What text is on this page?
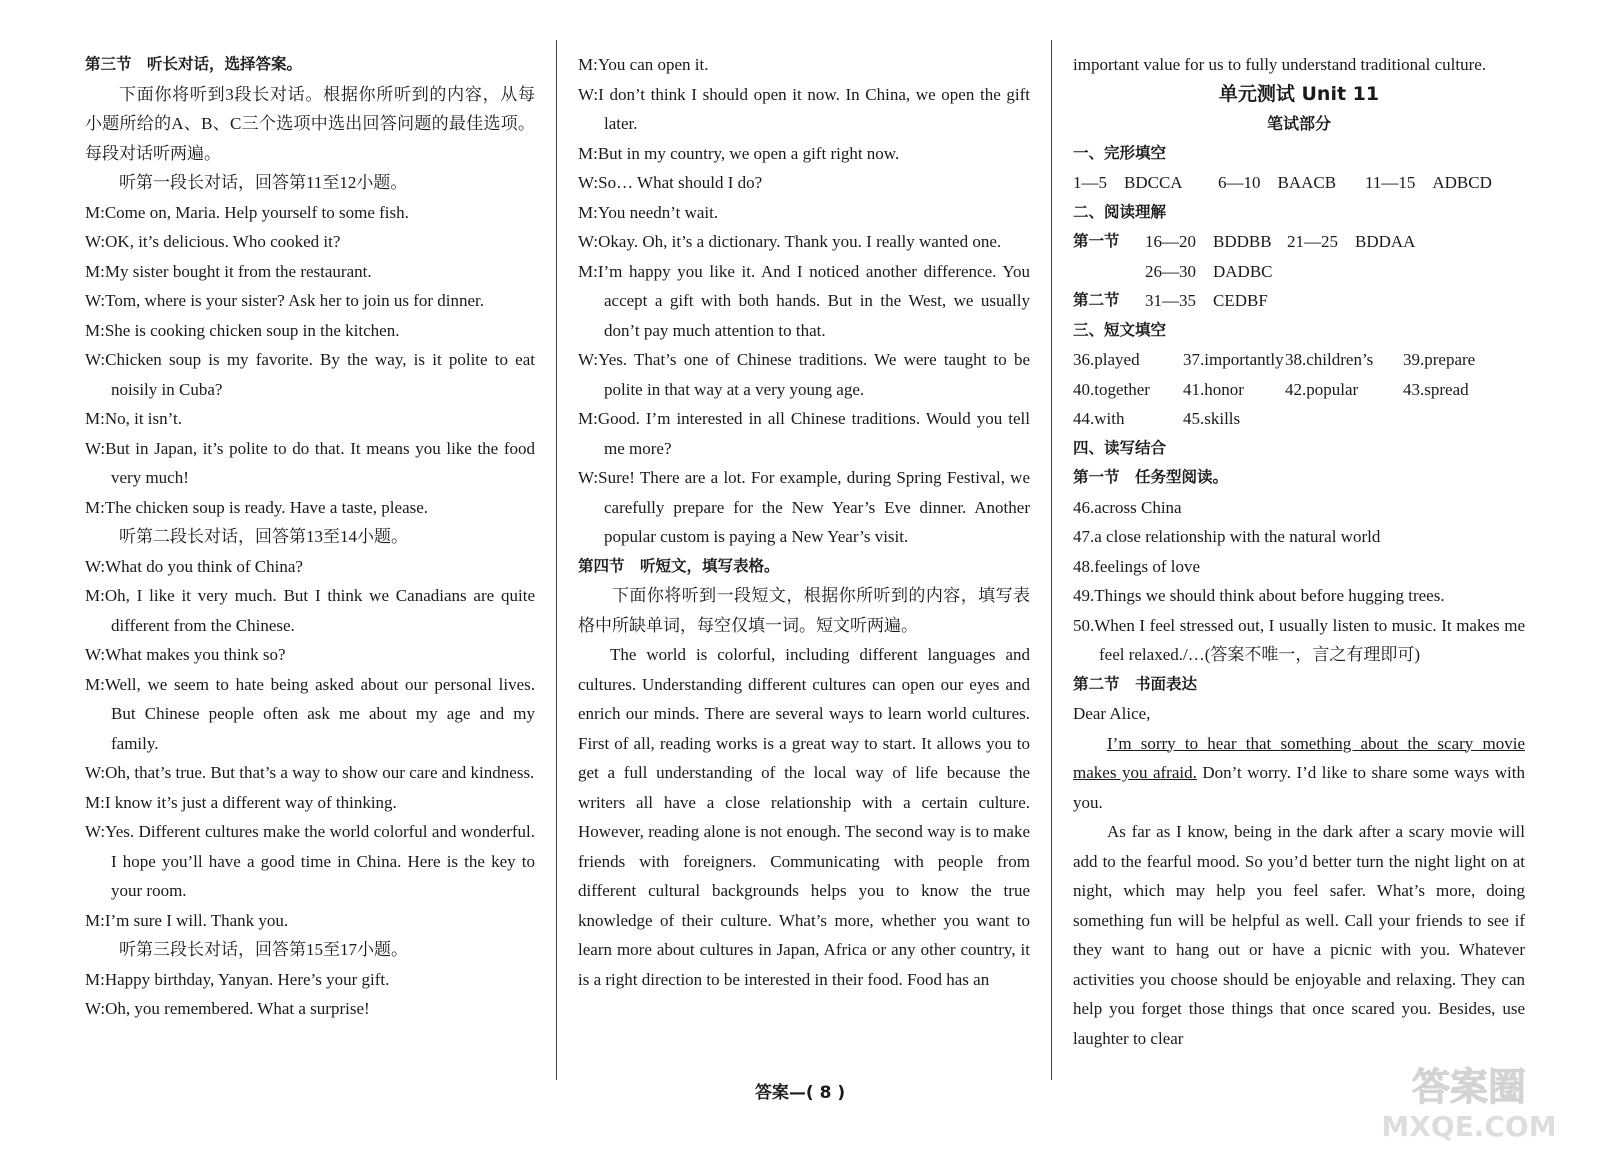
第三节　听长对话，选择答案。

下面你将听到3段长对话。根据你所听到的内容，从每小题所给的A、B、C三个选项中选出回答问题的最佳选项。每段对话听两遍。

听第一段长对话，回答第11至12小题。

M:Come on, Maria. Help yourself to some fish.

W:OK, it’s delicious. Who cooked it?

M:My sister bought it from the restaurant.

W:Tom, where is your sister? Ask her to join us for dinner.

M:She is cooking chicken soup in the kitchen.

W:Chicken soup is my favorite. By the way, is it polite to eat noisily in Cuba?

M:No, it isn’t.

W:But in Japan, it’s polite to do that. It means you like the food very much!

M:The chicken soup is ready. Have a taste, please.

听第二段长对话，回答第13至14小题。

W:What do you think of China?

M:Oh, I like it very much. But I think we Canadians are quite different from the Chinese.

W:What makes you think so?

M:Well, we seem to hate being asked about our personal lives. But Chinese people often ask me about my age and my family.

W:Oh, that’s true. But that’s a way to show our care and kindness.

M:I know it’s just a different way of thinking.

W:Yes. Different cultures make the world colorful and wonderful. I hope you’ll have a good time in China. Here is the key to your room.

M:I’m sure I will. Thank you.

听第三段长对话，回答第15至17小题。

M:Happy birthday, Yanyan. Here’s your gift.

W:Oh, you remembered. What a surprise!

M:You can open it.

W:I don’t think I should open it now. In China, we open the gift later.

M:But in my country, we open a gift right now.

W:So… What should I do?

M:You needn’t wait.

W:Okay. Oh, it’s a dictionary. Thank you. I really wanted one.

M:I’m happy you like it. And I noticed another difference. You accept a gift with both hands. But in the West, we usually don’t pay much attention to that.

W:Yes. That’s one of Chinese traditions. We were taught to be polite in that way at a very young age.

M:Good. I’m interested in all Chinese traditions. Would you tell me more?

W:Sure! There are a lot. For example, during Spring Festival, we carefully prepare for the New Year’s Eve dinner. Another popular custom is paying a New Year’s visit.

第四节　听短文，填写表格。

下面你将听到一段短文，根据你所听到的内容，填写表格中所缺单词，每空仅填一词。短文听两遍。

The world is colorful, including different languages and cultures. Understanding different cultures can open our eyes and enrich our minds. There are several ways to learn world cultures. First of all, reading works is a great way to start. It allows you to get a full understanding of the local way of life because the writers all have a close relationship with a certain culture. However, reading alone is not enough. The second way is to make friends with foreigners. Communicating with people from different cultural backgrounds helps you to know the true knowledge of their culture. What’s more, whether you want to learn more about cultures in Japan, Africa or any other country, it is a right direction to be interested in their food. Food has an

important value for us to fully understand traditional culture.

单元测试 Unit 11

笔试部分

一、完形填空

1—5　BDCCA	6—10　BAACB	11—15　ADBCD

二、阅读理解

第一节	16—20　BDDBB 21—25　BDDAA
26—30　DADBC
第二节	31—35　CEDBF

三、短文填空

36.played	37.importantly 38.children’s	39.prepare
40.together	41.honor	42.popular	43.spread
44.with	45.skills

四、读写结合

第一节　任务型阅读。

46.across China

47.a close relationship with the natural world

48.feelings of love

49.Things we should think about before hugging trees.

50.When I feel stressed out, I usually listen to music. It makes me feel relaxed./…(答案不唯一，言之有理即可)

第二节　书面表达

Dear Alice,

I’m sorry to hear that something about the scary movie makes you afraid. Don’t worry. I’d like to share some ways with you.

As far as I know, being in the dark after a scary movie will add to the fearful mood. So you’d better turn the night light on at night, which may help you feel safer. What’s more, doing something fun will be helpful as well. Call your friends to see if they want to hang out or have a picnic with you. Whatever activities you choose should be enjoyable and relaxing. They can help you forget those things that once scared you. Besides, use laughter to clear

答案—( 8 )	答案圈
MXQE.COM
